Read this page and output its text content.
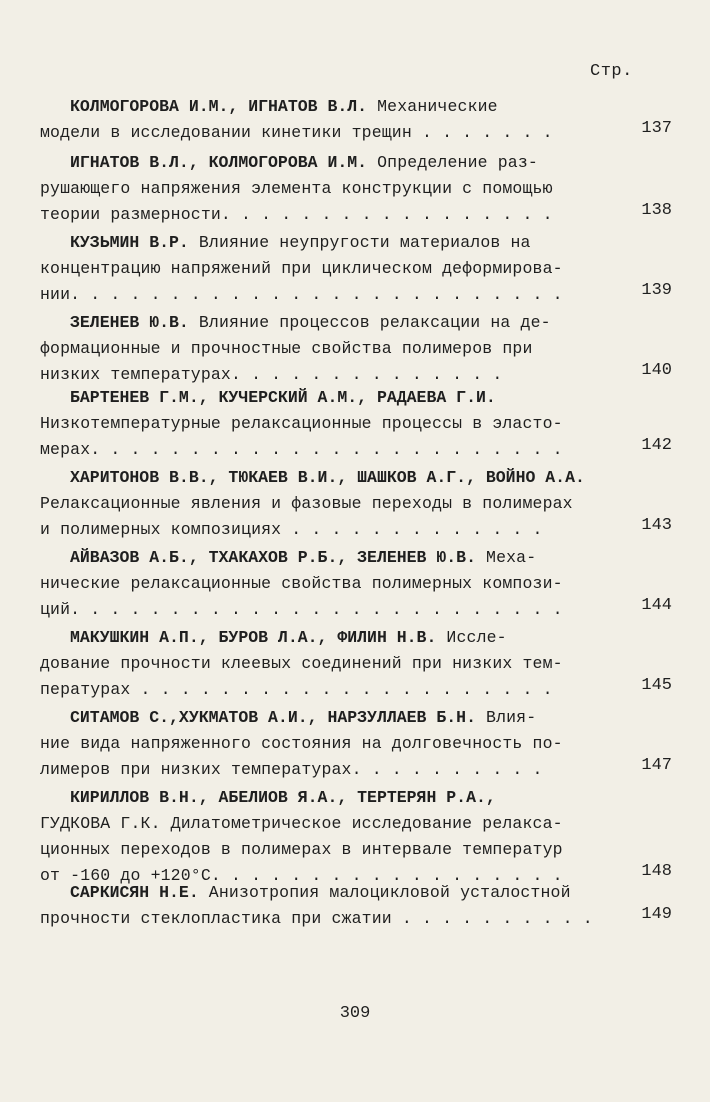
Стр.
КОЛМОГОРОВА И.М., ИГНАТОВ В.Л. Механические
модели в исследовании кинетики трещин . . . . . . .	137
ИГНАТОВ В.Л., КОЛМОГОРОВА И.М. Определение раз-
рушающего напряжения элемента конструкции с помощью
теории размерности. . . . . . . . . . . . . . . . .	138
КУЗЬМИН В.Р. Влияние неупругости материалов на
концентрацию напряжений при циклическом деформирова-
нии. . . . . . . . . . . . . . . . . . . . . . . . .	139
ЗЕЛЕНЕВ Ю.В. Влияние процессов релаксации на де-
формационные и прочностные свойства полимеров при
низких температурах. . . . . . . . . . . . . .	140
БАРТЕНЕВ Г.М., КУЧЕРСКИЙ А.М., РАДАЕВА Г.И.
Низкотемпературные релаксационные процессы в эласто-
мерах. . . . . . . . . . . . . . . . . . . . . . . .	142
ХАРИТОНОВ В.В., ТЮКАЕВ В.И., ШАШКОВ А.Г., ВОЙНО А.А.
Релаксационные явления и фазовые переходы в полимерах
и полимерных композициях . . . . . . . . . . . . .	143
АЙВАЗОВ А.Б., ТХАКАХОВ Р.Б., ЗЕЛЕНЕВ Ю.В. Меха-
нические релаксационные свойства полимерных компози-
ций. . . . . . . . . . . . . . . . . . . . . . . . .	144
МАКУШКИН А.П., БУРОВ Л.А., ФИЛИН Н.В. Иссле-
дование прочности клеевых соединений при низких тем-
пературах . . . . . . . . . . . . . . . . . . . . .	145
СИТАМОВ С.,ХУКМАТОВ А.И., НАРЗУЛЛАЕВ Б.Н. Влия-
ние вида напряженного состояния на долговечность по-
лимеров при низких температурах. . . . . . . . . .	147
КИРИЛЛОВ В.Н., АБЕЛИОВ Я.А., ТЕРТЕРЯН Р.А.,
ГУДКОВА Г.К. Дилатометрическое исследование релакса-
ционных переходов в полимерах в интервале температур
от -160 до +120°С. . . . . . . . . . . . . . . . . .	148
САРКИСЯН Н.Е. Анизотропия малоцикловой усталостной
прочности стеклопластика при сжатии . . . . . . . . . .	149
309
